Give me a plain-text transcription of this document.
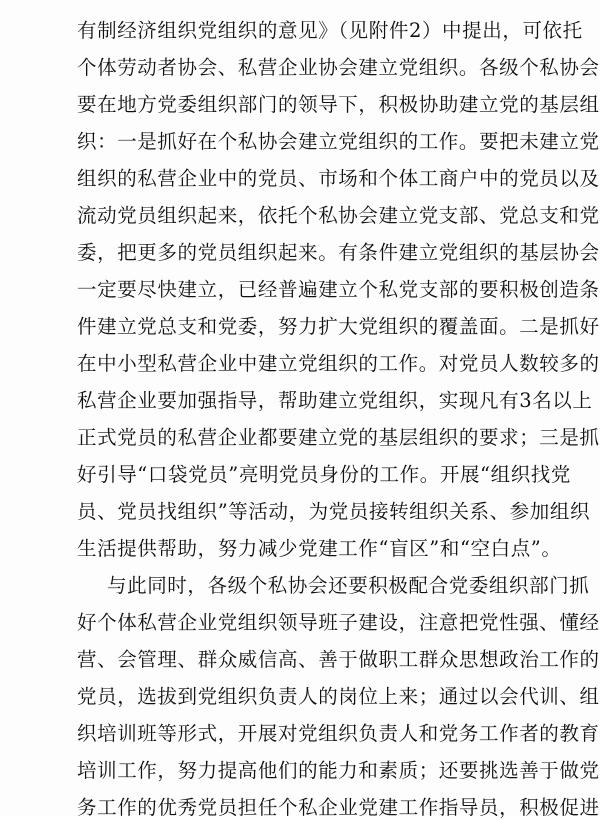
有制经济组织党组织的意见》（见附件2）中提出，可依托
个体劳动者协会、私营企业协会建立党组织。各级个私协会
要在地方党委组织部门的领导下，积极协助建立党的基层组
织：一是抓好在个私协会建立党组织的工作。要把未建立党
组织的私营企业中的党员、市场和个体工商户中的党员以及
流动党员组织起来，依托个私协会建立党支部、党总支和党
委，把更多的党员组织起来。有条件建立党组织的基层协会
一定要尽快建立，已经普遍建立个私党支部的要积极创造条
件建立党总支和党委，努力扩大党组织的覆盖面。二是抓好
在中小型私营企业中建立党组织的工作。对党员人数较多的
私营企业要加强指导，帮助建立党组织，实现凡有3名以上
正式党员的私营企业都要建立党的基层组织的要求；三是抓
好引导“口袋党员”亮明党员身份的工作。开展“组织找党
员、党员找组织”等活动，为党员接转组织关系、参加组织
生活提供帮助，努力减少党建工作“盲区”和“空白点”。
与此同时，各级个私协会还要积极配合党委组织部门抓
好个体私营企业党组织领导班子建设，注意把党性强、懂经
营、会管理、群众威信高、善于做职工群众思想政治工作的
党员，选拔到党组织负责人的岗位上来；通过以会代训、组
织培训班等形式，开展对党组织负责人和党务工作者的教育
培训工作，努力提高他们的能力和素质；还要挑选善于做党
务工作的优秀党员担任个私企业党建工作指导员，积极促进
